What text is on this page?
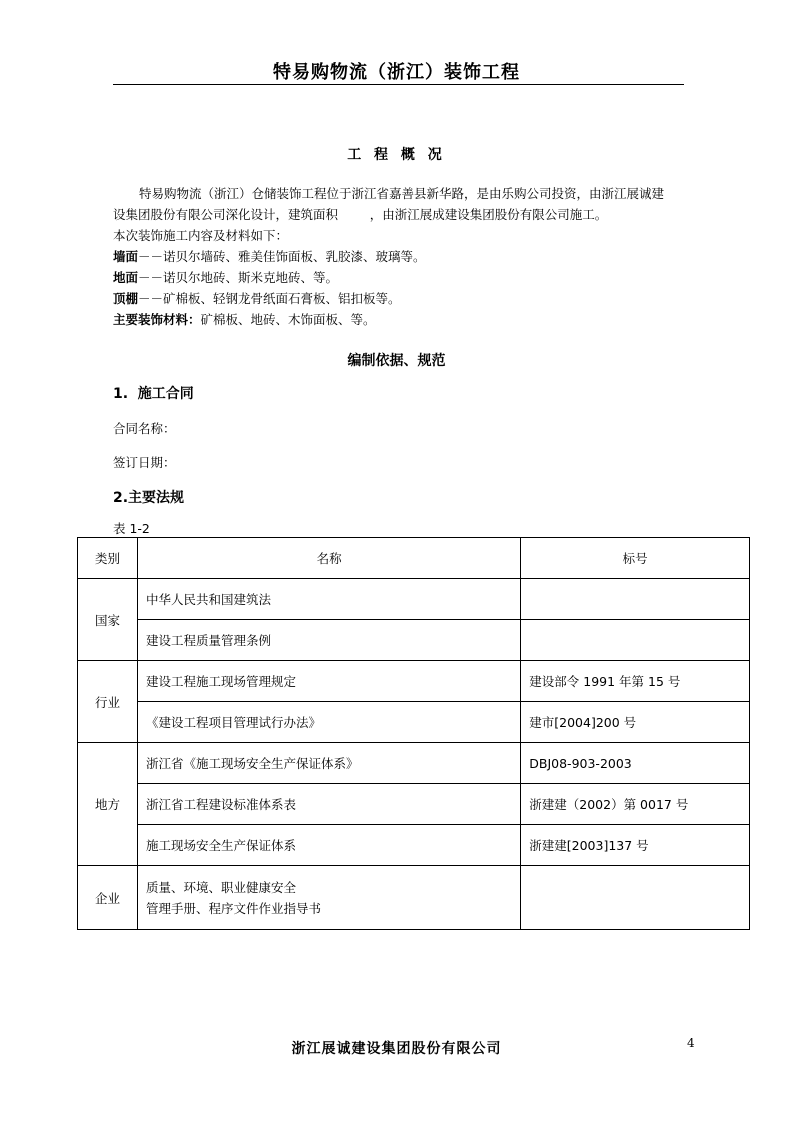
特易购物流（浙江）装饰工程
工 程 概 况
特易购物流（浙江）仓储装饰工程位于浙江省嘉善县新华路，是由乐购公司投资，由浙江展诚建
设集团股份有限公司深化设计，建筑面积        ，由浙江展成建设集团股份有限公司施工。
本次装饰施工内容及材料如下：
墙面－－诺贝尔墙砖、雅美佳饰面板、乳胶漆、玻璃等。
地面－－诺贝尔地砖、斯米克地砖、等。
顶棚－－矿棉板、轻钢龙骨纸面石膏板、铝扣板等。
主要装饰材料：矿棉板、地砖、木饰面板、等。
编制依据、规范
1.  施工合同
合同名称：
签订日期：
2.主要法规
表 1-2
类别	名称	标号
国家	中华人民共和国建筑法	
	建设工程质量管理条例	
行业	建设工程施工现场管理规定	建设部令 1991 年第 15 号
	《建设工程项目管理试行办法》	建市[2004]200 号
地方	浙江省《施工现场安全生产保证体系》	DBJ08-903-2003
	浙江省工程建设标准体系表	浙建建（2002）第 0017 号
	施工现场安全生产保证体系	浙建建[2003]137 号
企业	质量、环境、职业健康安全
管理手册、程序文件作业指导书	

浙江展诚建设集团股份有限公司	4
